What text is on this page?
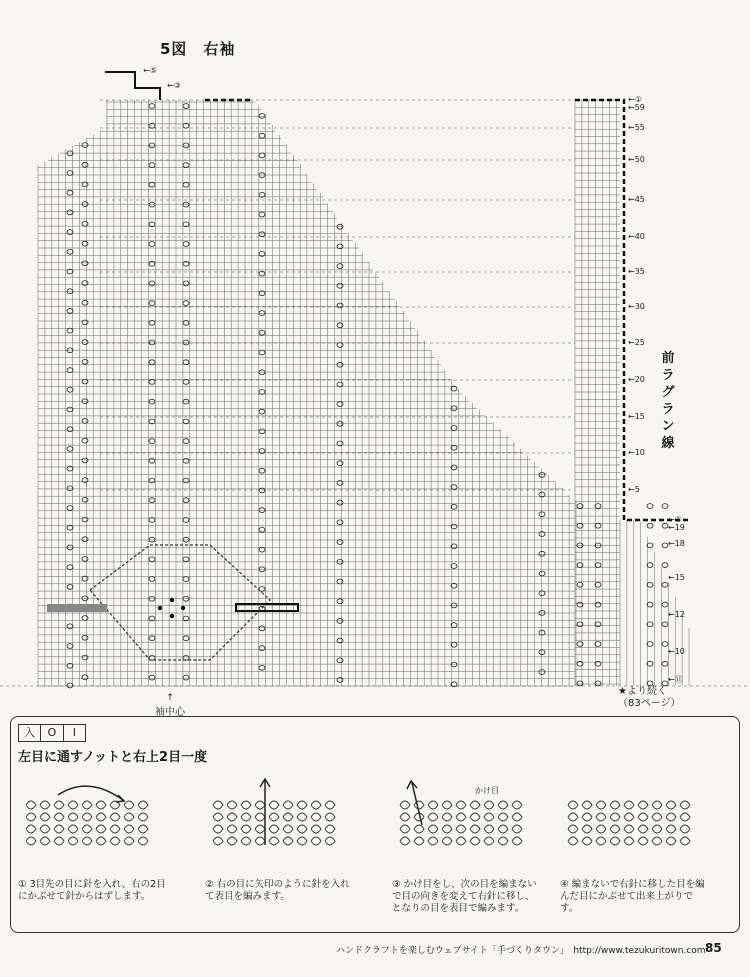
5図　右袖
前ラグラン線
↑
袖中心
★より続く
（83ページ）
←⑤
←③
←①
←59
←55
←50
←45
←40
←35
←30
←25
←20
←15
←10
←5
←①
←19
←18
←15
←12
←10
←⑪
入	O	Ⅰ
左目に通すノットと右上2目一度
かけ目
① 3目先の目に針を入れ、右の2目にかぶせて針からはずします。
② 右の目に矢印のように針を入れて表目を編みます。
③ かけ目をし、次の目を編まないで目の向きを変えて右針に移し、となりの目を表目で編みます。
④ 編まないで右針に移した目を編んだ目にかぶせて出来上がりです。
ハンドクラフトを楽しむウェブサイト「手づくりタウン」　http://www.tezukuritown.com 85
